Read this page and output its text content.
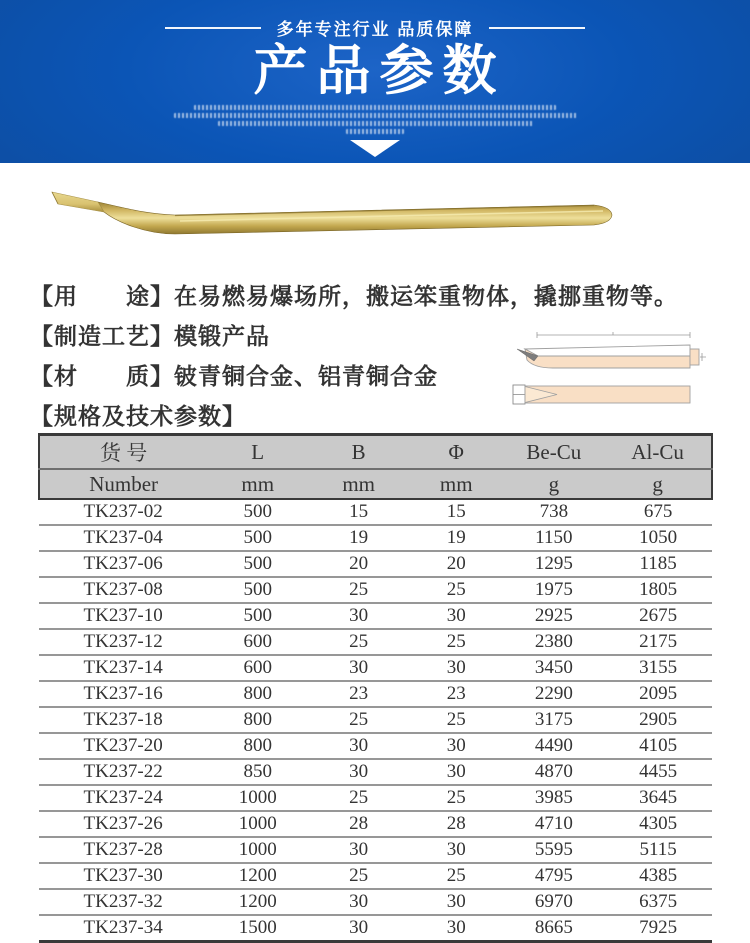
多年专注行业 品质保障
产品参数
【用　　途】在易燃易爆场所，搬运笨重物体，撬挪重物等。
【制造工艺】模锻产品
【材　　质】铍青铜合金、铝青铜合金
【规格及技术参数】
货 号	L	B	Φ	Be-Cu	Al-Cu
Number	mm	mm	mm	g	g
TK237-02	500	15	15	738	675
TK237-04	500	19	19	1150	1050
TK237-06	500	20	20	1295	1185
TK237-08	500	25	25	1975	1805
TK237-10	500	30	30	2925	2675
TK237-12	600	25	25	2380	2175
TK237-14	600	30	30	3450	3155
TK237-16	800	23	23	2290	2095
TK237-18	800	25	25	3175	2905
TK237-20	800	30	30	4490	4105
TK237-22	850	30	30	4870	4455
TK237-24	1000	25	25	3985	3645
TK237-26	1000	28	28	4710	4305
TK237-28	1000	30	30	5595	5115
TK237-30	1200	25	25	4795	4385
TK237-32	1200	30	30	6970	6375
TK237-34	1500	30	30	8665	7925
